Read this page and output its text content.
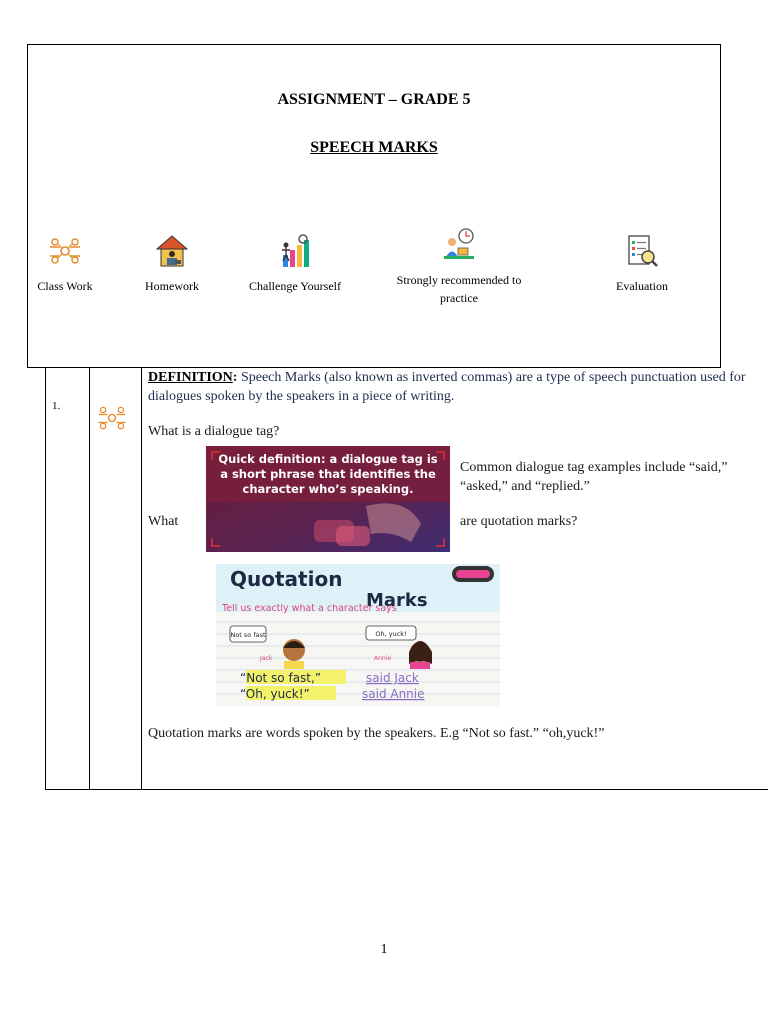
ASSIGNMENT – GRADE 5
SPEECH MARKS
Class Work	Homework	Challenge Yourself	Strongly recommended to practice
Evaluation
1.
DEFINITION: Speech Marks (also known as inverted commas) are a type of speech punctuation used for dialogues spoken by the speakers in a piece of writing.
What is a dialogue tag?
Quick definition: a dialogue tag is a short phrase that identifies the character who’s speaking.
What
Common dialogue tag examples include “said,” “asked,” and “replied.”
are quotation marks?
Quotation
Marks
Tell us exactly what a character says
Not so fast	Oh, yuck!
Jack	Annie
“Not so fast,”	said Jack
“Oh, yuck!”	said Annie
Quotation marks are words spoken by the speakers. E.g “Not so fast.” “oh,yuck!”
1
